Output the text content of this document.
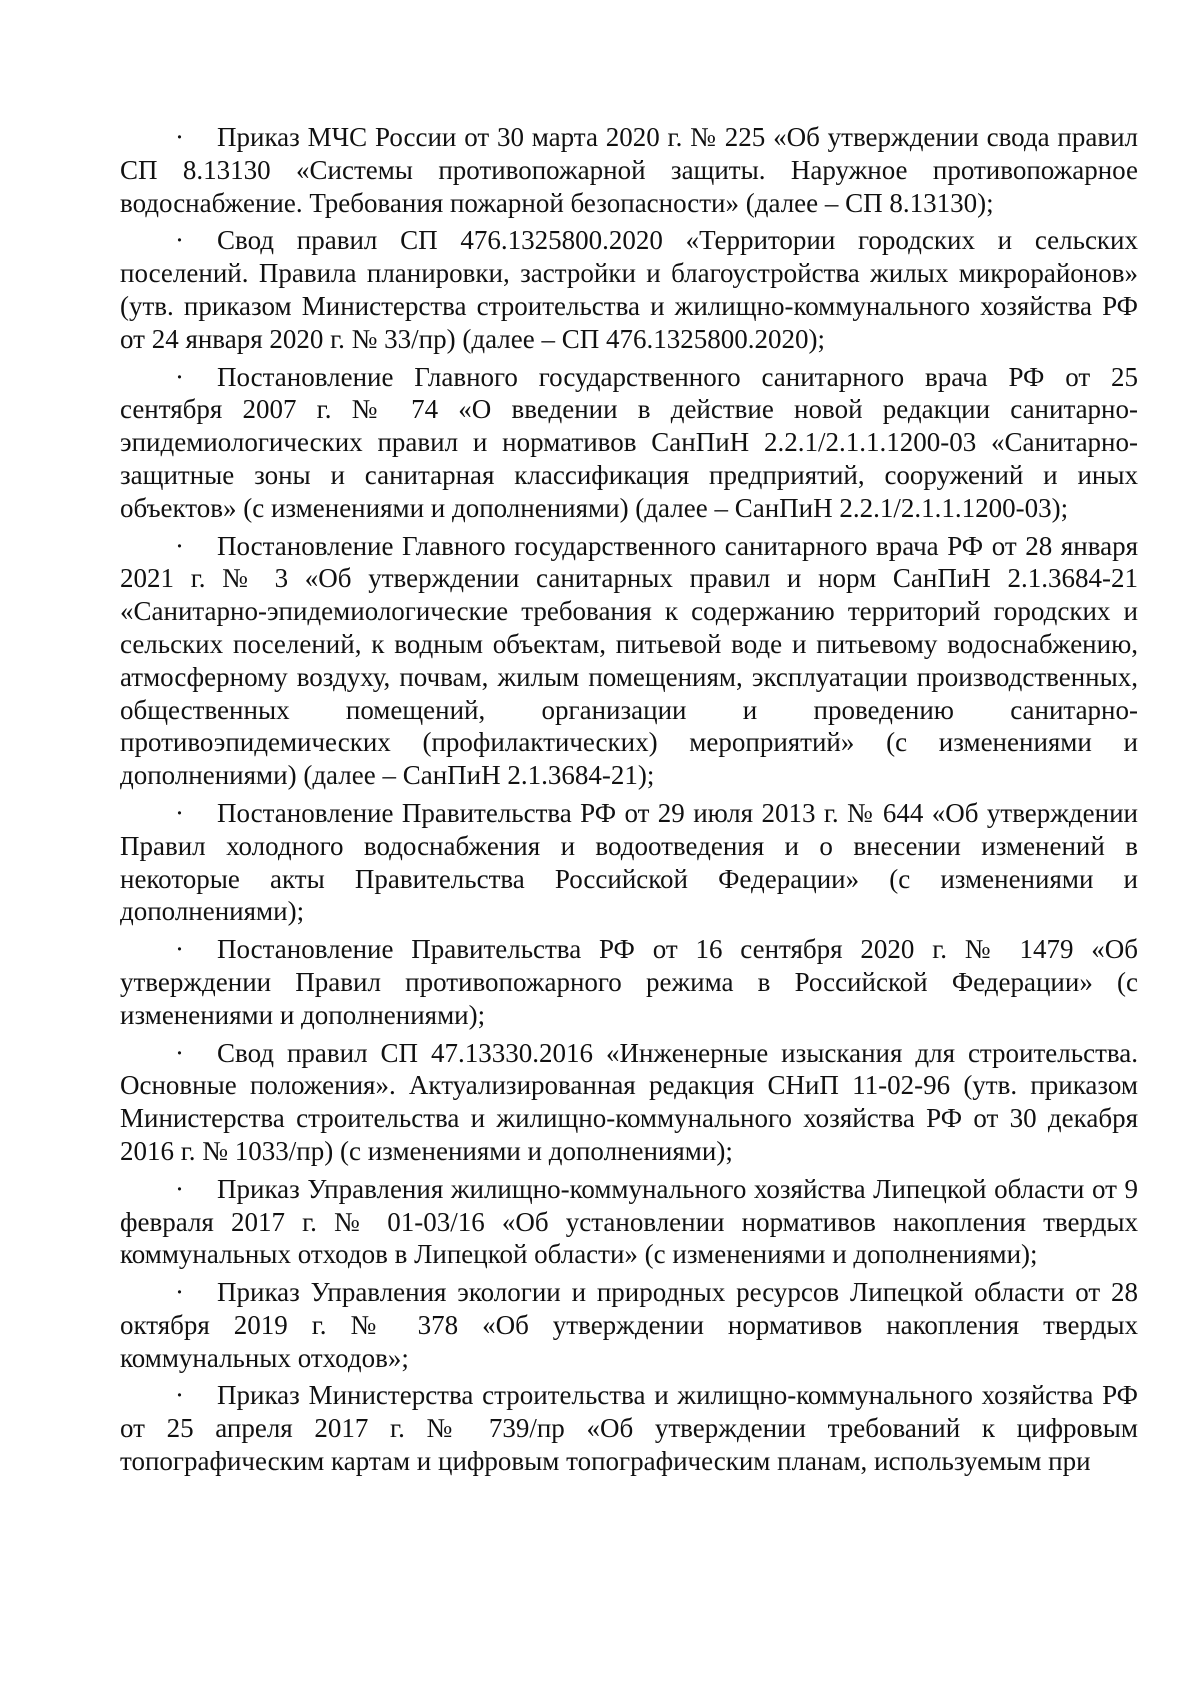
· Приказ МЧС России от 30 марта 2020 г. № 225 «Об утверждении свода правил СП 8.13130 «Системы противопожарной защиты. Наружное противопожарное водоснабжение. Требования пожарной безопасности» (далее – СП 8.13130);

· Свод правил СП 476.1325800.2020 «Территории городских и сельских поселений. Правила планировки, застройки и благоустройства жилых микрорайонов» (утв. приказом Министерства строительства и жилищно-коммунального хозяйства РФ от 24 января 2020 г. № 33/пр) (далее – СП 476.1325800.2020);

· Постановление Главного государственного санитарного врача РФ от 25 сентября 2007 г. № 74 «О введении в действие новой редакции санитарно-эпидемиологических правил и нормативов СанПиН 2.2.1/2.1.1.1200-03 «Санитарно-защитные зоны и санитарная классификация предприятий, сооружений и иных объектов» (с изменениями и дополнениями) (далее – СанПиН 2.2.1/2.1.1.1200-03);

· Постановление Главного государственного санитарного врача РФ от 28 января 2021 г. № 3 «Об утверждении санитарных правил и норм СанПиН 2.1.3684-21 «Санитарно-эпидемиологические требования к содержанию территорий городских и сельских поселений, к водным объектам, питьевой воде и питьевому водоснабжению, атмосферному воздуху, почвам, жилым помещениям, эксплуатации производственных, общественных помещений, организации и проведению санитарно-противоэпидемических (профилактических) мероприятий» (с изменениями и дополнениями) (далее – СанПиН 2.1.3684-21);

· Постановление Правительства РФ от 29 июля 2013 г. № 644 «Об утверждении Правил холодного водоснабжения и водоотведения и о внесении изменений в некоторые акты Правительства Российской Федерации» (с изменениями и дополнениями);

· Постановление Правительства РФ от 16 сентября 2020 г. № 1479 «Об утверждении Правил противопожарного режима в Российской Федерации» (с изменениями и дополнениями);

· Свод правил СП 47.13330.2016 «Инженерные изыскания для строительства. Основные положения». Актуализированная редакция СНиП 11-02-96 (утв. приказом Министерства строительства и жилищно-коммунального хозяйства РФ от 30 декабря 2016 г. № 1033/пр) (с изменениями и дополнениями);

· Приказ Управления жилищно-коммунального хозяйства Липецкой области от 9 февраля 2017 г. № 01-03/16 «Об установлении нормативов накопления твердых коммунальных отходов в Липецкой области» (с изменениями и дополнениями);

· Приказ Управления экологии и природных ресурсов Липецкой области от 28 октября 2019 г. № 378 «Об утверждении нормативов накопления твердых коммунальных отходов»;

· Приказ Министерства строительства и жилищно-коммунального хозяйства РФ от 25 апреля 2017 г. № 739/пр «Об утверждении требований к цифровым топографическим картам и цифровым топографическим планам, используемым при
